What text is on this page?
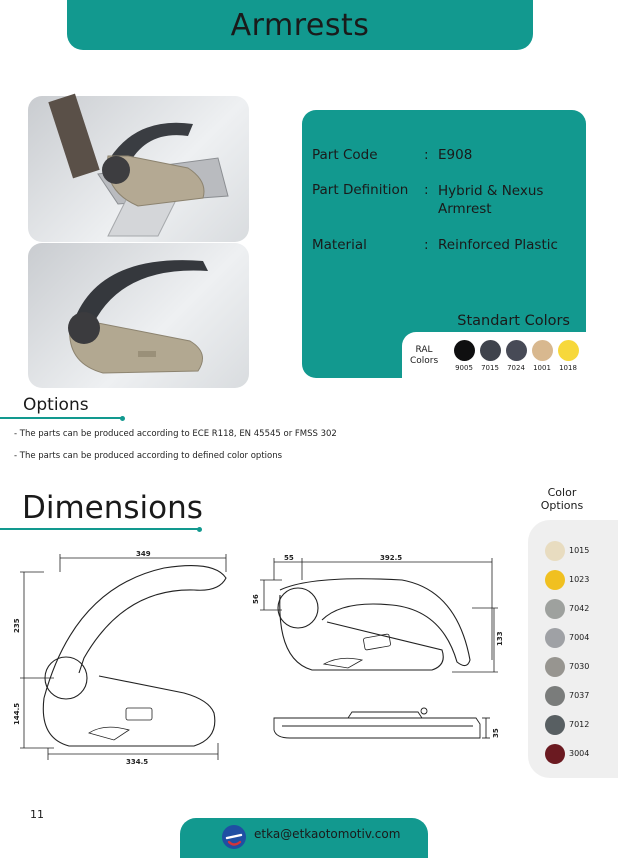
Armrests
Part Code	: E908
Part Definition	: Hybrid & Nexus Armrest
Material	: Reinforced Plastic
Standart Colors
RAL Colors
9005	7015	7024	1001	1018
Options
- The parts can be produced according to ECE R118, EN 45545 or FMSS 302
- The parts can be produced according to defined color options
Dimensions
349
235
144.5
334.5
55	392.5
56
133
35
Color Options
1015
1023
7042
7004
7030
7037
7012
3004
11
etka@etkaotomotiv.com
